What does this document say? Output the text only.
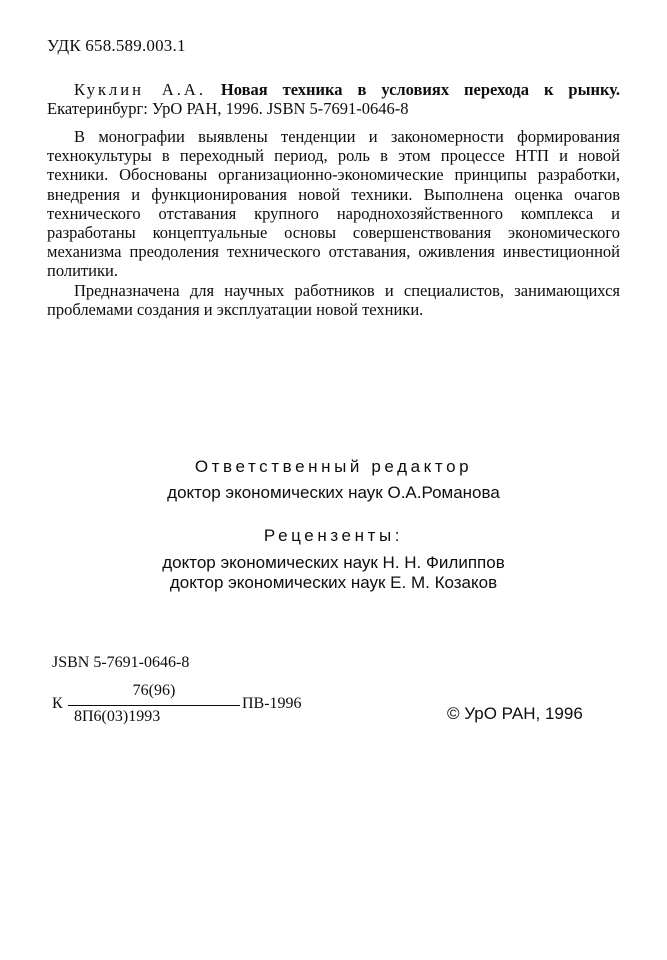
УДК 658.589.003.1
Куклин А.А. Новая техника в условиях перехода к рынку. Екатеринбург: УрО РАН, 1996. JSBN 5-7691-0646-8

В монографии выявлены тенденции и закономерности формирования технокультуры в переходный период, роль в этом процессе НТП и новой техники. Обоснованы организационно-экономические принципы разработки, внедрения и функционирования новой техники. Выполнена оценка очагов технического отставания крупного народнохозяйственного комплекса и разработаны концептуальные основы совершенствования экономического механизма преодоления технического отставания, оживления инвестиционной политики.

Предназначена для научных работников и специалистов, занимающихся проблемами создания и эксплуатации новой техники.

Ответственный редактор
доктор экономических наук О.А.Романова
Рецензенты:
доктор экономических наук Н. Н. Филиппов
доктор экономических наук Е. М. Козаков
JSBN 5-7691-0646-8
К
76(96)
8П6(03)1993
ПВ-1996
© УрО РАН, 1996
